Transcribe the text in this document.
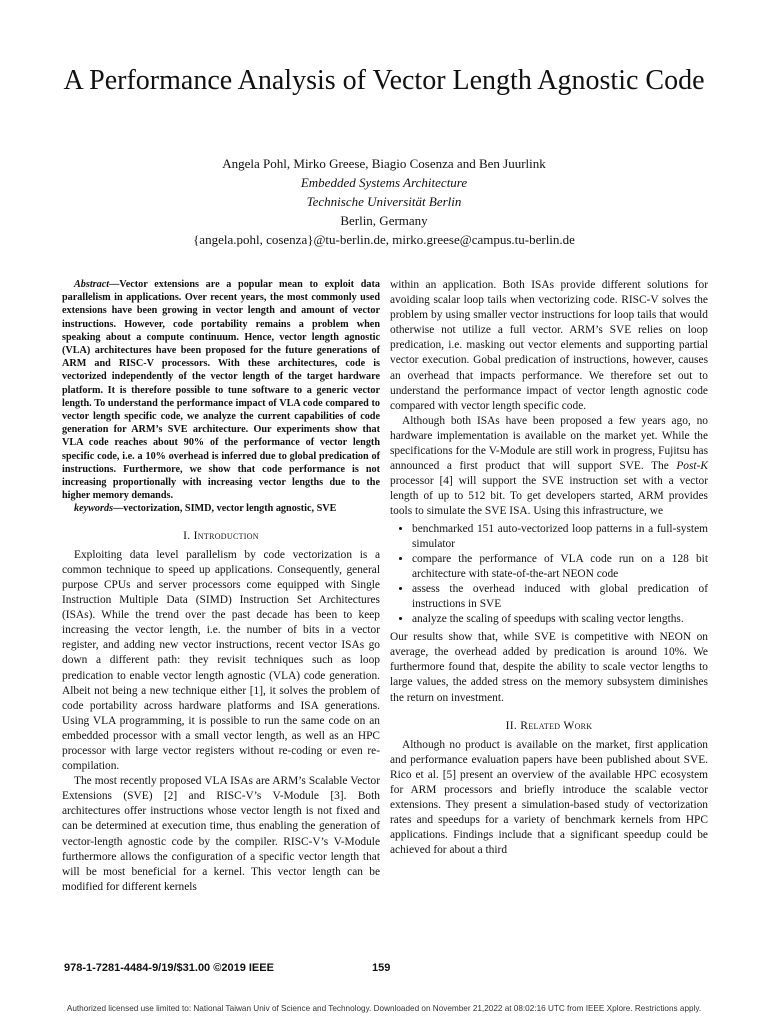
A Performance Analysis of Vector Length Agnostic Code
Angela Pohl, Mirko Greese, Biagio Cosenza and Ben Juurlink
Embedded Systems Architecture
Technische Universität Berlin
Berlin, Germany
{angela.pohl, cosenza}@tu-berlin.de, mirko.greese@campus.tu-berlin.de

Abstract—Vector extensions are a popular mean to exploit data parallelism in applications. Over recent years, the most commonly used extensions have been growing in vector length and amount of vector instructions. However, code portability remains a problem when speaking about a compute continuum. Hence, vector length agnostic (VLA) architectures have been proposed for the future generations of ARM and RISC-V processors. With these architectures, code is vectorized independently of the vector length of the target hardware platform. It is therefore possible to tune software to a generic vector length. To understand the performance impact of VLA code compared to vector length specific code, we analyze the current capabilities of code generation for ARM’s SVE architecture. Our experiments show that VLA code reaches about 90% of the performance of vector length specific code, i.e. a 10% overhead is inferred due to global predication of instructions. Furthermore, we show that code performance is not increasing proportionally with increasing vector lengths due to the higher memory demands.

keywords—vectorization, SIMD, vector length agnostic, SVE

I. Introduction

Exploiting data level parallelism by code vectorization is a common technique to speed up applications. Consequently, general purpose CPUs and server processors come equipped with Single Instruction Multiple Data (SIMD) Instruction Set Architectures (ISAs). While the trend over the past decade has been to keep increasing the vector length, i.e. the number of bits in a vector register, and adding new vector instructions, recent vector ISAs go down a different path: they revisit techniques such as loop predication to enable vector length agnostic (VLA) code generation. Albeit not being a new technique either [1], it solves the problem of code portability across hardware platforms and ISA generations. Using VLA programming, it is possible to run the same code on an embedded processor with a small vector length, as well as an HPC processor with large vector registers without re-coding or even re-compilation.

The most recently proposed VLA ISAs are ARM’s Scalable Vector Extensions (SVE) [2] and RISC-V’s V-Module [3]. Both architectures offer instructions whose vector length is not fixed and can be determined at execution time, thus enabling the generation of vector-length agnostic code by the compiler. RISC-V’s V-Module furthermore allows the configuration of a specific vector length that will be most beneficial for a kernel. This vector length can be modified for different kernels

within an application. Both ISAs provide different solutions for avoiding scalar loop tails when vectorizing code. RISC-V solves the problem by using smaller vector instructions for loop tails that would otherwise not utilize a full vector. ARM’s SVE relies on loop predication, i.e. masking out vector elements and supporting partial vector execution. Gobal predication of instructions, however, causes an overhead that impacts performance. We therefore set out to understand the performance impact of vector length agnostic code compared with vector length specific code.

Although both ISAs have been proposed a few years ago, no hardware implementation is available on the market yet. While the specifications for the V-Module are still work in progress, Fujitsu has announced a first product that will support SVE. The Post-K processor [4] will support the SVE instruction set with a vector length of up to 512 bit. To get developers started, ARM provides tools to simulate the SVE ISA. Using this infrastructure, we

• benchmarked 151 auto-vectorized loop patterns in a full-system simulator
• compare the performance of VLA code run on a 128 bit architecture with state-of-the-art NEON code
• assess the overhead induced with global predication of instructions in SVE
• analyze the scaling of speedups with scaling vector lengths.

Our results show that, while SVE is competitive with NEON on average, the overhead added by predication is around 10%. We furthermore found that, despite the ability to scale vector lengths to large values, the added stress on the memory subsystem diminishes the return on investment.

II. Related Work

Although no product is available on the market, first application and performance evaluation papers have been published about SVE. Rico et al. [5] present an overview of the available HPC ecosystem for ARM processors and briefly introduce the scalable vector extensions. They present a simulation-based study of vectorization rates and speedups for a variety of benchmark kernels from HPC applications. Findings include that a significant speedup could be achieved for about a third

978-1-7281-4484-9/19/$31.00 ©2019 IEEE	159
Authorized licensed use limited to: National Taiwan Univ of Science and Technology. Downloaded on November 21,2022 at 08:02:16 UTC from IEEE Xplore. Restrictions apply.
